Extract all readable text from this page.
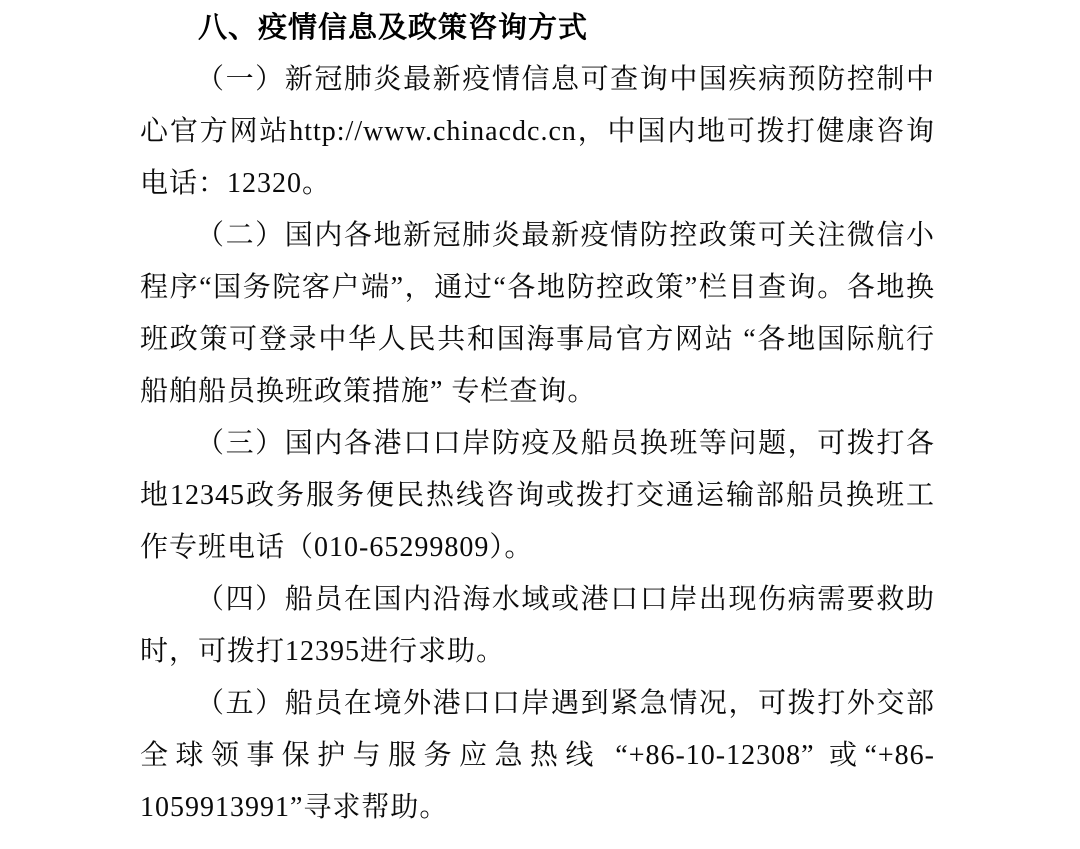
八、疫情信息及政策咨询方式

（一）新冠肺炎最新疫情信息可查询中国疾病预防控制中心官方网站http://www.chinacdc.cn，中国内地可拨打健康咨询电话：12320。

（二）国内各地新冠肺炎最新疫情防控政策可关注微信小程序“国务院客户端”，通过“各地防控政策”栏目查询。各地换班政策可登录中华人民共和国海事局官方网站 “各地国际航行船舶船员换班政策措施” 专栏查询。

（三）国内各港口口岸防疫及船员换班等问题，可拨打各地12345政务服务便民热线咨询或拨打交通运输部船员换班工作专班电话（010-65299809）。

（四）船员在国内沿海水域或港口口岸出现伤病需要救助时，可拨打12395进行求助。

（五）船员在境外港口口岸遇到紧急情况，可拨打外交部全球领事保护与服务应急热线 “+86-10-12308” 或“+86-1059913991”寻求帮助。
